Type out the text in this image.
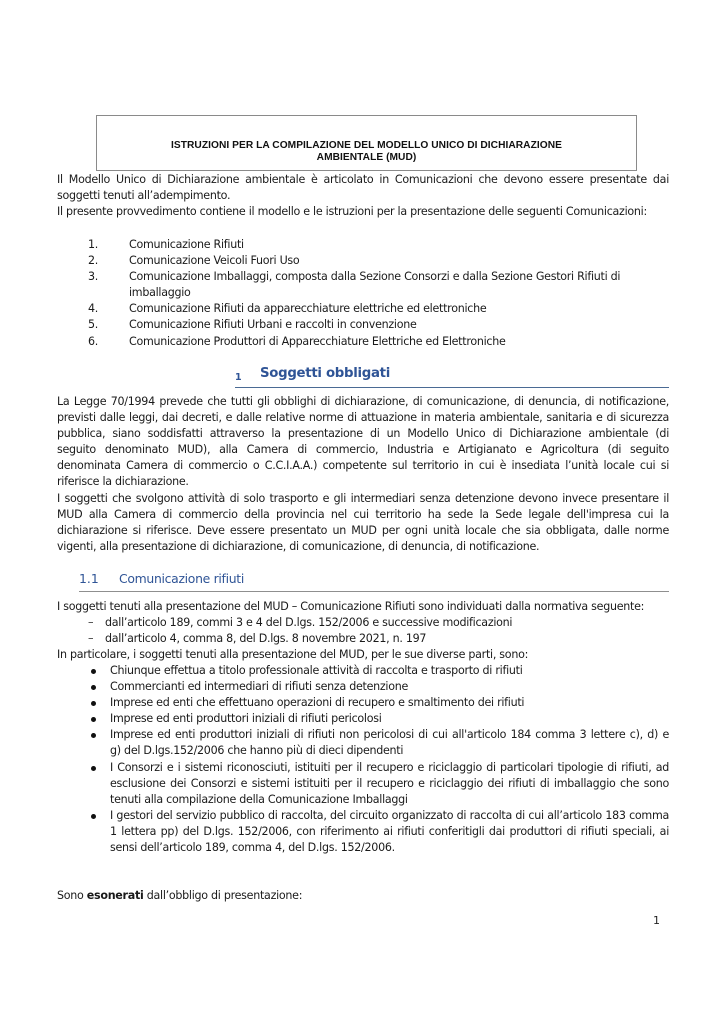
ISTRUZIONI PER LA COMPILAZIONE DEL MODELLO UNICO DI DICHIARAZIONE
AMBIENTALE (MUD)
Il Modello Unico di Dichiarazione ambientale è articolato in Comunicazioni che devono essere presentate dai
soggetti tenuti all’adempimento.
Il presente provvedimento contiene il modello e le istruzioni per la presentazione delle seguenti Comunicazioni:
1.	Comunicazione Rifiuti
2.	Comunicazione Veicoli Fuori Uso
3.	Comunicazione Imballaggi, composta dalla Sezione Consorzi e dalla Sezione Gestori Rifiuti di
imballaggio
4.	Comunicazione Rifiuti da apparecchiature elettriche ed elettroniche
5.	Comunicazione Rifiuti Urbani e raccolti in convenzione
6.	Comunicazione Produttori di Apparecchiature Elettriche ed Elettroniche
1 Soggetti obbligati
La Legge 70/1994 prevede che tutti gli obblighi di dichiarazione, di comunicazione, di denuncia, di notificazione,
previsti dalle leggi, dai decreti, e dalle relative norme di attuazione in materia ambientale, sanitaria e di sicurezza
pubblica, siano soddisfatti attraverso la presentazione di un Modello Unico di Dichiarazione ambientale (di
seguito denominato MUD), alla Camera di commercio, Industria e Artigianato e Agricoltura (di seguito
denominata Camera di commercio o C.C.I.A.A.) competente sul territorio in cui è insediata l’unità locale cui si
riferisce la dichiarazione.
I soggetti che svolgono attività di solo trasporto e gli intermediari senza detenzione devono invece presentare il
MUD alla Camera di commercio della provincia nel cui territorio ha sede la Sede legale dell'impresa cui la
dichiarazione si riferisce. Deve essere presentato un MUD per ogni unità locale che sia obbligata, dalle norme
vigenti, alla presentazione di dichiarazione, di comunicazione, di denuncia, di notificazione.
1.1 Comunicazione rifiuti
I soggetti tenuti alla presentazione del MUD – Comunicazione Rifiuti sono individuati dalla normativa seguente:
– dall’articolo 189, commi 3 e 4 del D.lgs. 152/2006 e successive modificazioni
– dall’articolo 4, comma 8, del D.lgs. 8 novembre 2021, n. 197
In particolare, i soggetti tenuti alla presentazione del MUD, per le sue diverse parti, sono:
Chiunque effettua a titolo professionale attività di raccolta e trasporto di rifiuti
Commercianti ed intermediari di rifiuti senza detenzione
Imprese ed enti che effettuano operazioni di recupero e smaltimento dei rifiuti
Imprese ed enti produttori iniziali di rifiuti pericolosi
Imprese ed enti produttori iniziali di rifiuti non pericolosi di cui all'articolo 184 comma 3 lettere c), d) e
g) del D.lgs.152/2006 che hanno più di dieci dipendenti
I Consorzi e i sistemi riconosciuti, istituiti per il recupero e riciclaggio di particolari tipologie di rifiuti, ad
esclusione dei Consorzi e sistemi istituiti per il recupero e riciclaggio dei rifiuti di imballaggio che sono
tenuti alla compilazione della Comunicazione Imballaggi
I gestori del servizio pubblico di raccolta, del circuito organizzato di raccolta di cui all’articolo 183 comma
1 lettera pp) del D.lgs. 152/2006, con riferimento ai rifiuti conferitigli dai produttori di rifiuti speciali, ai
sensi dell’articolo 189, comma 4, del D.lgs. 152/2006.
Sono esonerati dall’obbligo di presentazione:
1
